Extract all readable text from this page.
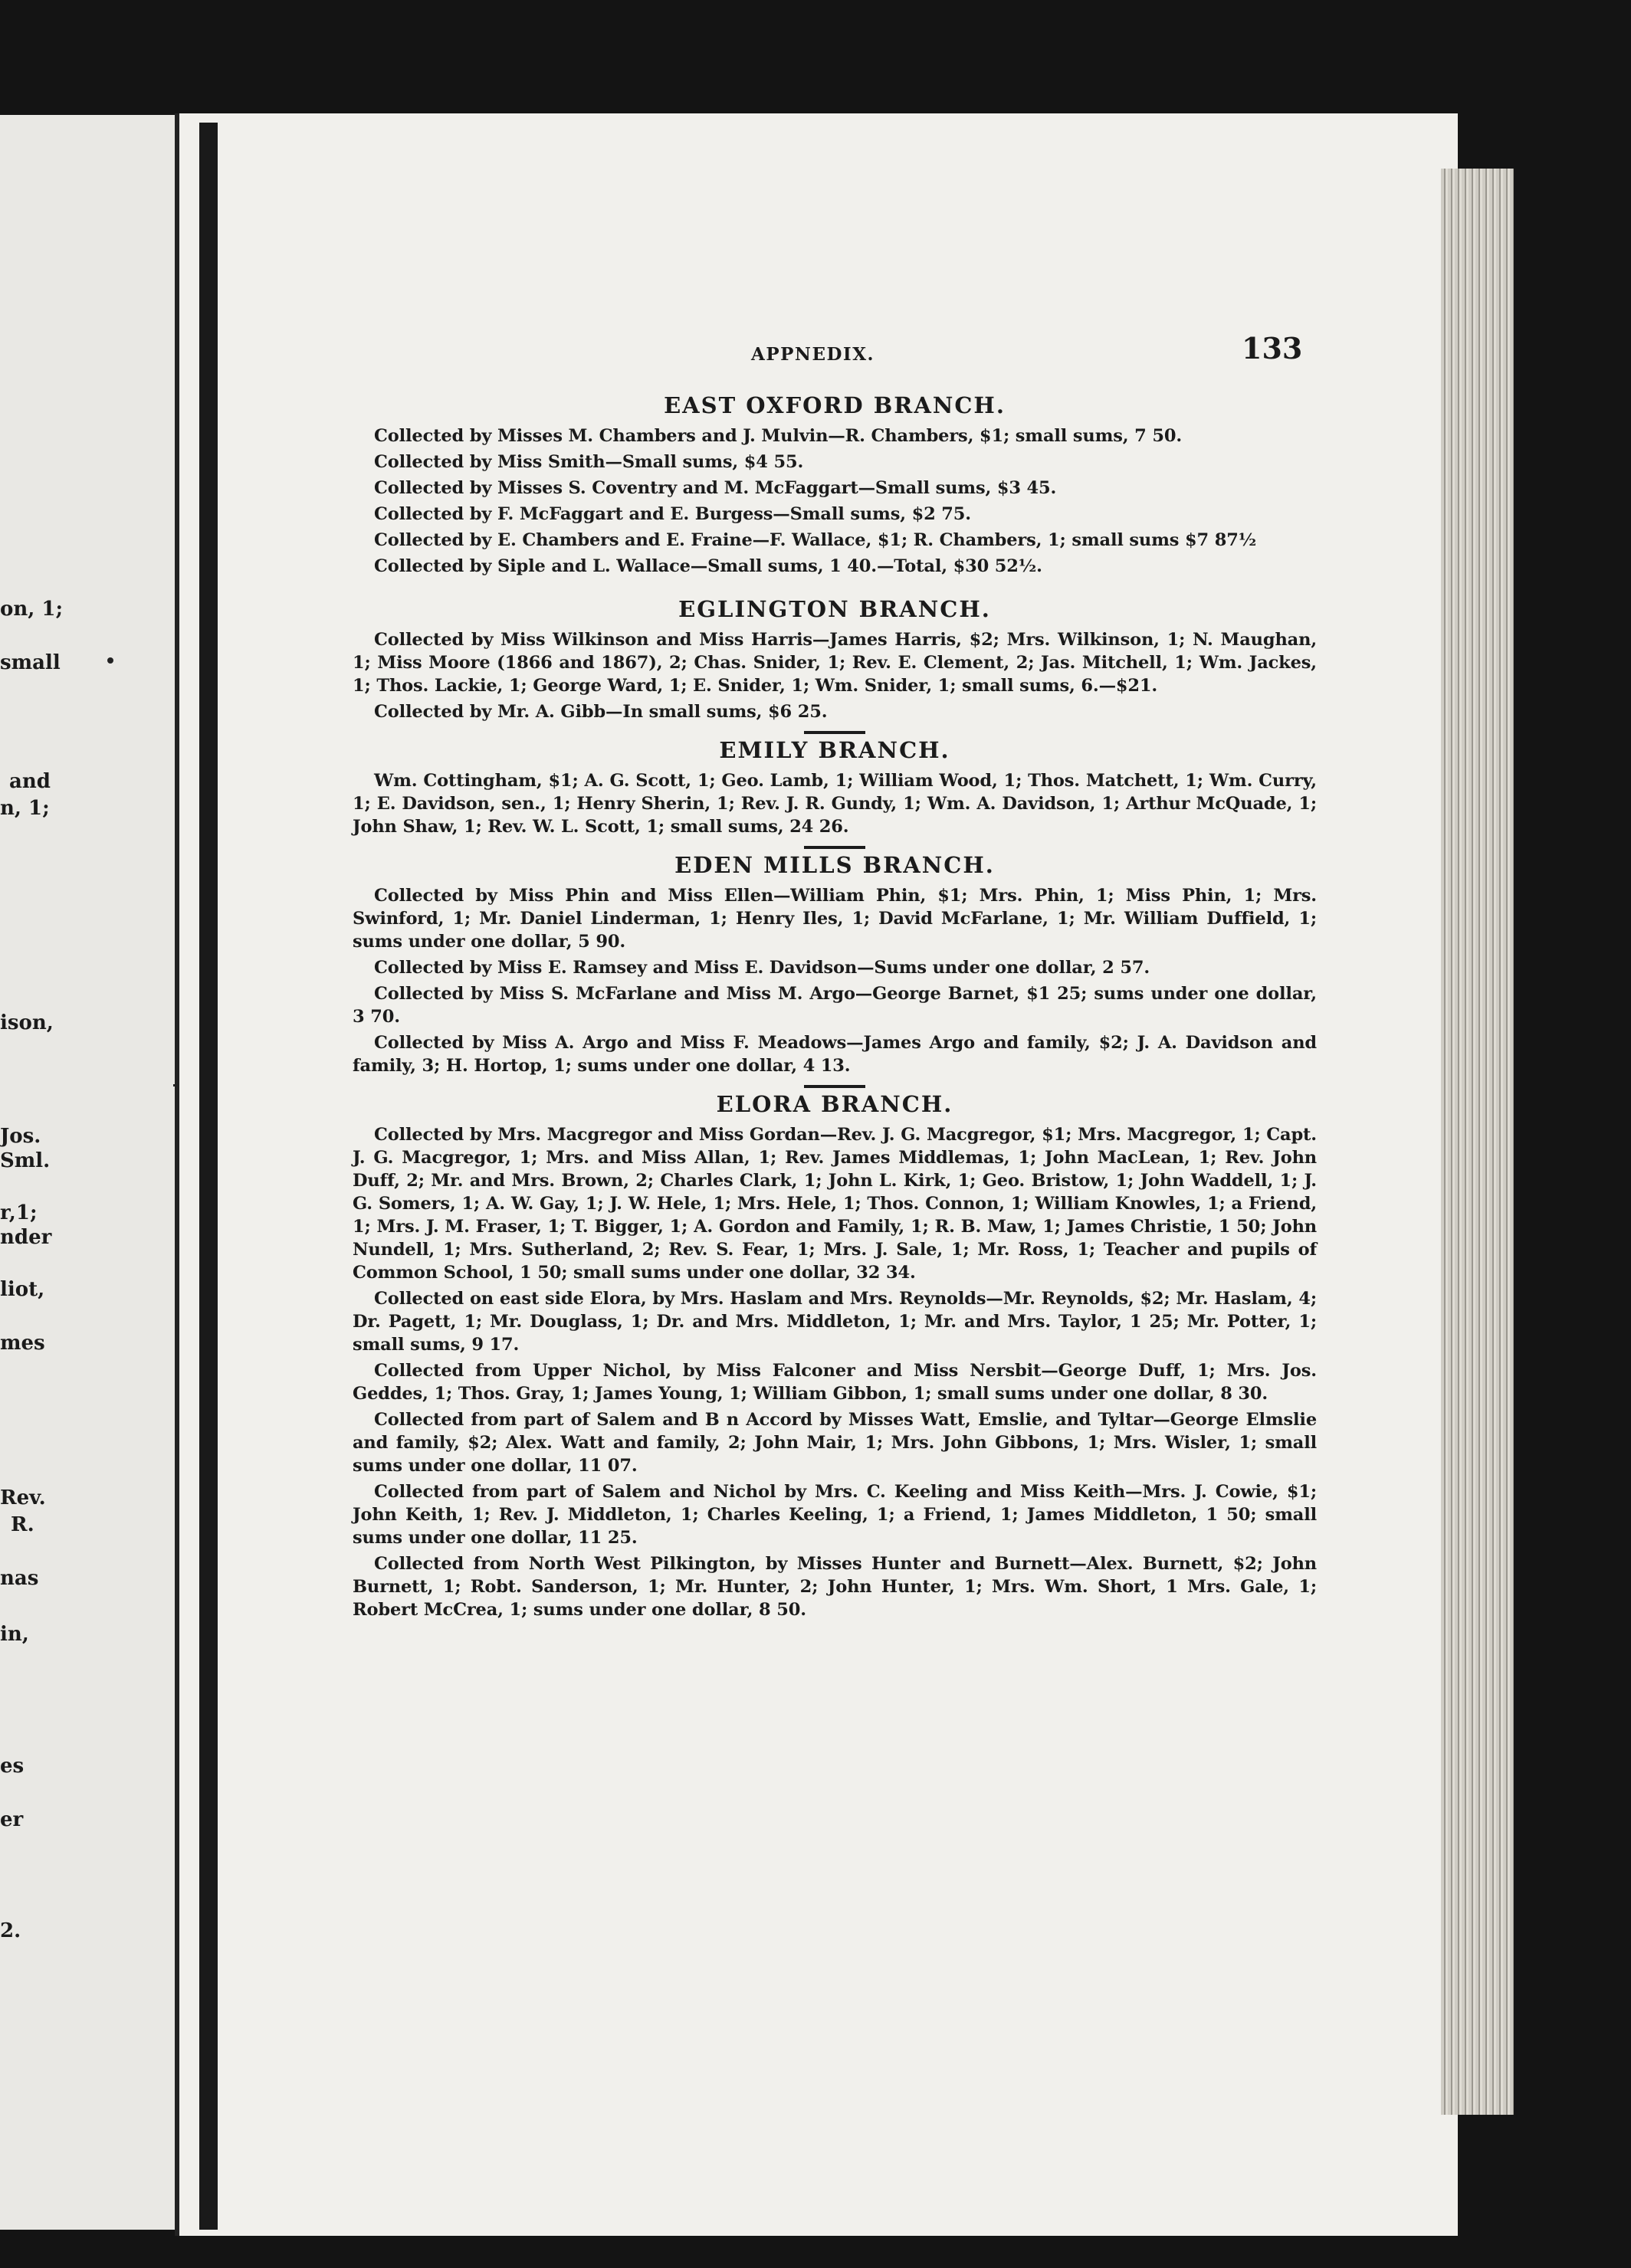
on, 1;
small
and
n, 1;
ison,
Jos.
Sml.
r,1;
nder
liot,
mes
Rev.
R.
nas
in,
es
er
2.
APPNEDIX.	133
EAST OXFORD BRANCH.

Collected by Misses M. Chambers and J. Mulvin—R. Chambers, $1; small sums, 7 50.

Collected by Miss Smith—Small sums, $4 55.

Collected by Misses S. Coventry and M. McFaggart—Small sums, $3 45.

Collected by F. McFaggart and E. Burgess—Small sums, $2 75.

Collected by E. Chambers and E. Fraine—F. Wallace, $1; R. Chambers, 1; small sums $7 87½

Collected by Siple and L. Wallace—Small sums, 1 40.—Total, $30 52½.

EGLINGTON BRANCH.

Collected by Miss Wilkinson and Miss Harris—James Harris, $2; Mrs. Wilkinson, 1; N. Maughan, 1; Miss Moore (1866 and 1867), 2; Chas. Snider, 1; Rev. E. Clement, 2; Jas. Mitchell, 1; Wm. Jackes, 1; Thos. Lackie, 1; George Ward, 1; E. Snider, 1; Wm. Snider, 1; small sums, 6.—$21.

Collected by Mr. A. Gibb—In small sums, $6 25.

EMILY BRANCH.

Wm. Cottingham, $1; A. G. Scott, 1; Geo. Lamb, 1; William Wood, 1; Thos. Matchett, 1; Wm. Curry, 1; E. Davidson, sen., 1; Henry Sherin, 1; Rev. J. R. Gundy, 1; Wm. A. Davidson, 1; Arthur McQuade, 1; John Shaw, 1; Rev. W. L. Scott, 1; small sums, 24 26.

EDEN MILLS BRANCH.

Collected by Miss Phin and Miss Ellen—William Phin, $1; Mrs. Phin, 1; Miss Phin, 1; Mrs. Swinford, 1; Mr. Daniel Linderman, 1; Henry Iles, 1; David McFarlane, 1; Mr. William Duffield, 1; sums under one dollar, 5 90.

Collected by Miss E. Ramsey and Miss E. Davidson—Sums under one dollar, 2 57.

Collected by Miss S. McFarlane and Miss M. Argo—George Barnet, $1 25; sums under one dollar, 3 70.

Collected by Miss A. Argo and Miss F. Meadows—James Argo and family, $2; J. A. Davidson and family, 3; H. Hortop, 1; sums under one dollar, 4 13.

ELORA BRANCH.

Collected by Mrs. Macgregor and Miss Gordan—Rev. J. G. Macgregor, $1; Mrs. Macgregor, 1; Capt. J. G. Macgregor, 1; Mrs. and Miss Allan, 1; Rev. James Middlemas, 1; John MacLean, 1; Rev. John Duff, 2; Mr. and Mrs. Brown, 2; Charles Clark, 1; John L. Kirk, 1; Geo. Bristow, 1; John Waddell, 1; J. G. Somers, 1; A. W. Gay, 1; J. W. Hele, 1; Mrs. Hele, 1; Thos. Connon, 1; William Knowles, 1; a Friend, 1; Mrs. J. M. Fraser, 1; T. Bigger, 1; A. Gordon and Family, 1; R. B. Maw, 1; James Christie, 1 50; John Nundell, 1; Mrs. Sutherland, 2; Rev. S. Fear, 1; Mrs. J. Sale, 1; Mr. Ross, 1; Teacher and pupils of Common School, 1 50; small sums under one dollar, 32 34.

Collected on east side Elora, by Mrs. Haslam and Mrs. Reynolds—Mr. Reynolds, $2; Mr. Haslam, 4; Dr. Pagett, 1; Mr. Douglass, 1; Dr. and Mrs. Middleton, 1; Mr. and Mrs. Taylor, 1 25; Mr. Potter, 1; small sums, 9 17.

Collected from Upper Nichol, by Miss Falconer and Miss Nersbit—George Duff, 1; Mrs. Jos. Geddes, 1; Thos. Gray, 1; James Young, 1; William Gibbon, 1; small sums under one dollar, 8 30.

Collected from part of Salem and B n Accord by Misses Watt, Emslie, and Tyltar—George Elmslie and family, $2; Alex. Watt and family, 2; John Mair, 1; Mrs. John Gibbons, 1; Mrs. Wisler, 1; small sums under one dollar, 11 07.

Collected from part of Salem and Nichol by Mrs. C. Keeling and Miss Keith—Mrs. J. Cowie, $1; John Keith, 1; Rev. J. Middleton, 1; Charles Keeling, 1; a Friend, 1; James Middleton, 1 50; small sums under one dollar, 11 25.

Collected from North West Pilkington, by Misses Hunter and Burnett—Alex. Burnett, $2; John Burnett, 1; Robt. Sanderson, 1; Mr. Hunter, 2; John Hunter, 1; Mrs. Wm. Short, 1 Mrs. Gale, 1; Robert McCrea, 1; sums under one dollar, 8 50.
